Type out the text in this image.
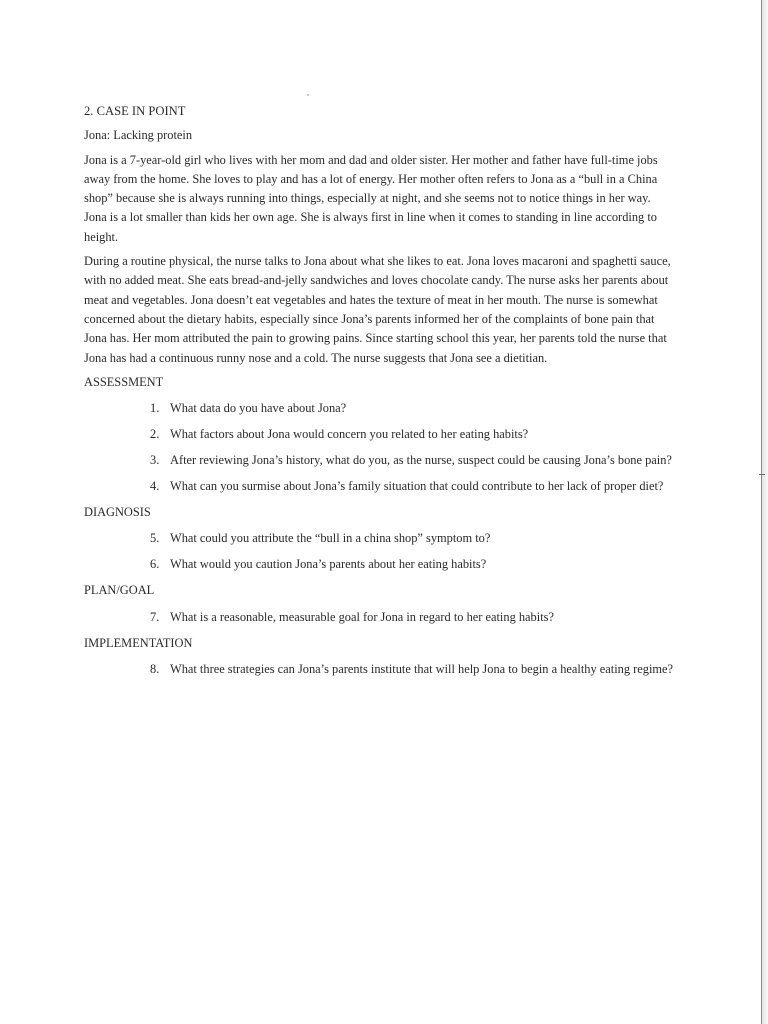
2. CASE IN POINT

Jona: Lacking protein

Jona is a 7-year-old girl who lives with her mom and dad and older sister. Her mother and father have full-time jobs away from the home. She loves to play and has a lot of energy. Her mother often refers to Jona as a “bull in a China shop” because she is always running into things, especially at night, and she seems not to notice things in her way. Jona is a lot smaller than kids her own age. She is always first in line when it comes to standing in line according to height.

During a routine physical, the nurse talks to Jona about what she likes to eat. Jona loves macaroni and spaghetti sauce, with no added meat. She eats bread-and-jelly sandwiches and loves chocolate candy. The nurse asks her parents about meat and vegetables. Jona doesn’t eat vegetables and hates the texture of meat in her mouth. The nurse is somewhat concerned about the dietary habits, especially since Jona’s parents informed her of the complaints of bone pain that Jona has. Her mom attributed the pain to growing pains. Since starting school this year, her parents told the nurse that Jona has had a continuous runny nose and a cold. The nurse suggests that Jona see a dietitian.

ASSESSMENT
1. What data do you have about Jona?
2. What factors about Jona would concern you related to her eating habits?
3. After reviewing Jona’s history, what do you, as the nurse, suspect could be causing Jona’s bone pain?
4. What can you surmise about Jona’s family situation that could contribute to her lack of proper diet?
DIAGNOSIS
5. What could you attribute the “bull in a china shop” symptom to?
6. What would you caution Jona’s parents about her eating habits?
PLAN/GOAL
7. What is a reasonable, measurable goal for Jona in regard to her eating habits?
IMPLEMENTATION
8. What three strategies can Jona’s parents institute that will help Jona to begin a healthy eating regime?
